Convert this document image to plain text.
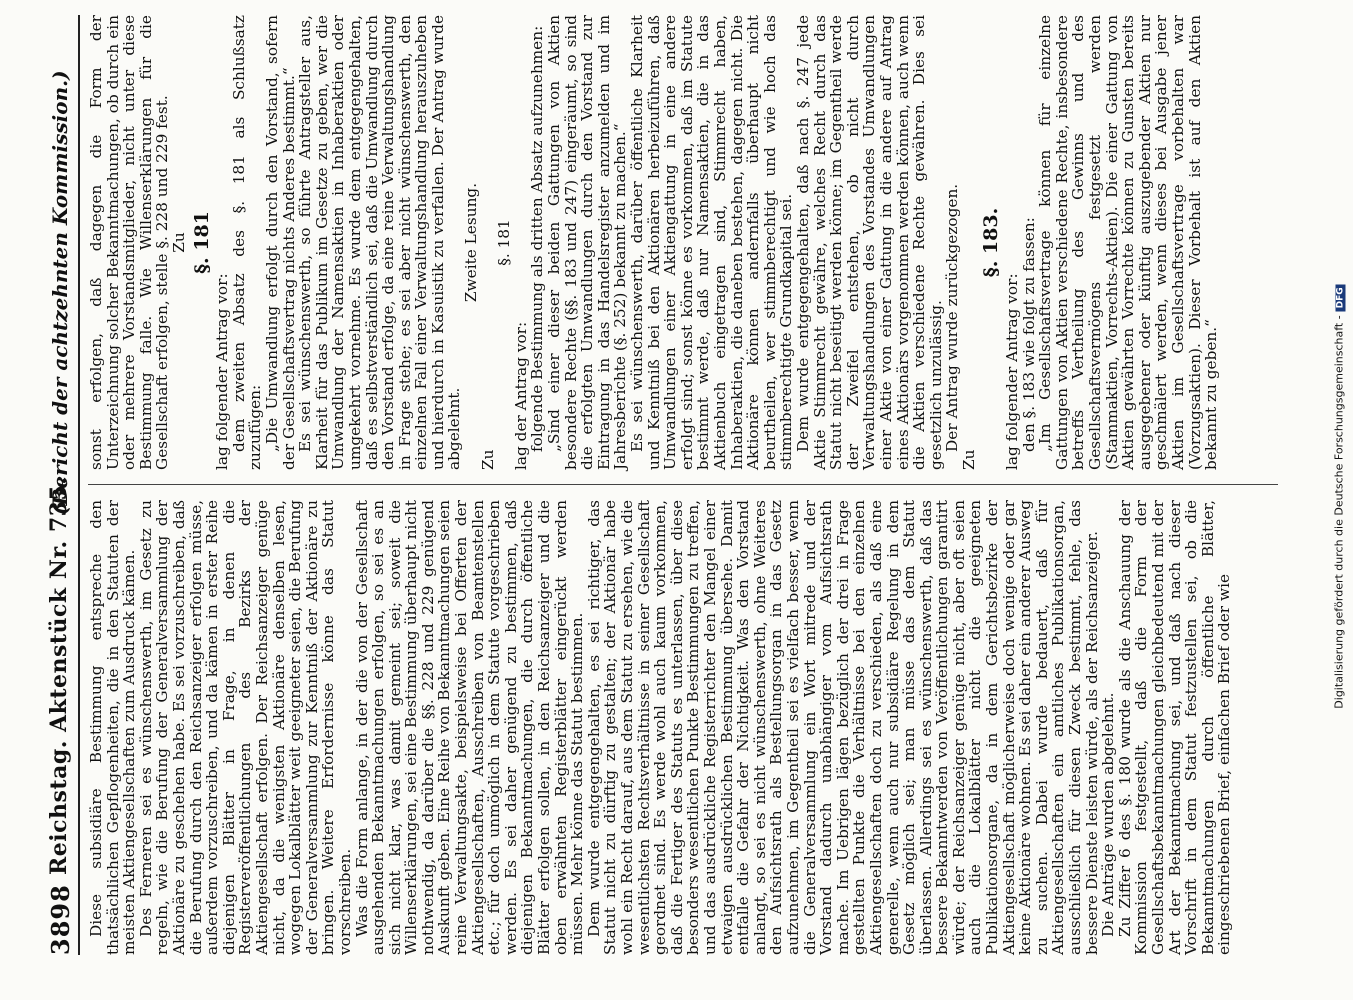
3898
Reichstag. Aktenstück Nr. 735.
(Bericht der achtzehnten Kommission.)

Diese subsidiäre Bestimmung entspreche den thatsächlichen Gepflogenheiten, die in den Statuten der meisten Aktiengesellschaften zum Ausdruck kämen.

Des Ferneren sei es wünschenswerth, im Gesetz zu regeln, wie die Berufung der Generalversammlung der Aktionäre zu geschehen habe. Es sei vorzuschreiben, daß die Berufung durch den Reichsanzeiger erfolgen müsse, außerdem vorzuschreiben, und da kämen in erster Reihe diejenigen Blätter in Frage, in denen die Registerveröffentlichungen des Bezirks der Aktiengesellschaft erfolgen. Der Reichsanzeiger genüge nicht, da die wenigsten Aktionäre denselben lesen, wogegen Lokalblätter weit geeigneter seien, die Berufung der Generalversammlung zur Kenntniß der Aktionäre zu bringen. Weitere Erfordernisse könne das Statut vorschreiben.

Was die Form anlange, in der die von der Gesellschaft ausgehenden Bekanntmachungen erfolgen, so sei es an sich nicht klar, was damit gemeint sei; soweit die Willenserklärungen, sei eine Bestimmung überhaupt nicht nothwendig, da darüber die §§. 228 und 229 genügend Auskunft geben. Eine Reihe von Bekanntmachungen seien reine Verwaltungsakte, beispielsweise bei Offerten der Aktiengesellschaften, Ausschreiben von Beamtenstellen etc.; für doch unmöglich in dem Statute vorgeschrieben werden. Es sei daher genügend zu bestimmen, daß diejenigen Bekanntmachungen, die durch öffentliche Blätter erfolgen sollen, in den Reichsanzeiger und die oben erwähnten Registerblätter eingerückt werden müssen. Mehr könne das Statut bestimmen.

Dem wurde entgegengehalten, es sei richtiger, das Statut nicht zu dürftig zu gestalten; der Aktionär habe wohl ein Recht darauf, aus dem Statut zu ersehen, wie die wesentlichsten Rechtsverhältnisse in seiner Gesellschaft geordnet sind. Es werde wohl auch kaum vorkommen, daß die Fertiger des Statuts es unterlassen, über diese besonders wesentlichen Punkte Bestimmungen zu treffen, und das ausdrückliche Registerrichter den Mangel einer etwaigen ausdrücklichen Bestimmung übersehe. Damit entfalle die Gefahr der Nichtigkeit. Was den Vorstand anlangt, so sei es nicht wünschenswerth, ohne Weiteres den Aufsichtsrath als Bestellungsorgan in das Gesetz aufzunehmen, im Gegentheil sei es vielfach besser, wenn die Generalversammlung ein Wort mitrede und der Vorstand dadurch unabhängiger vom Aufsichtsrath mache. Im Uebrigen lägen bezüglich der drei in Frage gestellten Punkte die Verhältnisse bei den einzelnen Aktiengesellschaften doch zu verschieden, als daß eine generelle, wenn auch nur subsidiäre Regelung in dem Gesetz möglich sei; man müsse das dem Statut überlassen. Allerdings sei es wünschenswerth, daß das bessere Bekanntwerden von Veröffentlichungen garantirt würde; der Reichsanzeiger genüge nicht, aber oft seien auch die Lokalblätter nicht die geeigneten Publikationsorgane, da in dem Gerichtsbezirke der Aktiengesellschaft möglicherweise doch wenige oder gar keine Aktionäre wohnen. Es sei daher ein anderer Ausweg zu suchen. Dabei wurde bedauert, daß für Aktiengesellschaften ein amtliches Publikationsorgan, ausschließlich für diesen Zweck bestimmt, fehle, das bessere Dienste leisten würde, als der Reichsanzeiger.

Die Anträge wurden abgelehnt.

Zu Ziffer 6 des §. 180 wurde als die Anschauung der Kommission festgestellt, daß die Form der Gesellschaftsbekanntmachungen gleichbedeutend mit der Art der Bekanntmachung sei, und daß nach dieser Vorschrift in dem Statut festzustellen sei, ob die Bekanntmachungen durch öffentliche Blätter, eingeschriebenen Brief, einfachen Brief oder wie

sonst erfolgen, daß dagegen die Form der Unterzeichnung solcher Bekanntmachungen, ob durch ein oder mehrere Vorstandsmitglieder, nicht unter diese Bestimmung falle. Wie Willenserklärungen für die Gesellschaft erfolgen, stelle §. 228 und 229 fest.

Zu §. 181

lag folgender Antrag vor:

dem zweiten Absatz des §. 181 als Schlußsatz zuzufügen:

„Die Umwandlung erfolgt durch den Vorstand, sofern der Gesellschaftsvertrag nichts Anderes bestimmt.“

Es sei wünschenswerth, so führte Antragsteller aus, Klarheit für das Publikum im Gesetze zu geben, wer die Umwandlung der Namensaktien in Inhaberaktien oder umgekehrt vornehme. Es wurde dem entgegengehalten, daß es selbstverständlich sei, daß die Umwandlung durch den Vorstand erfolge, da eine reine Verwaltungshandlung in Frage stehe; es sei aber nicht wünschenswerth, den einzelnen Fall einer Verwaltungshandlung herauszuheben und hierdurch in Kasuistik zu verfallen. Der Antrag wurde abgelehnt.

Zweite Lesung.

Zu

§. 181

lag der Antrag vor:

folgende Bestimmung als dritten Absatz aufzunehmen:

„Sind einer dieser beiden Gattungen von Aktien besondere Rechte (§§. 183 und 247) eingeräumt, so sind die erfolgten Umwandlungen durch den Vorstand zur Eintragung in das Handelsregister anzumelden und im Jahresberichte (§. 252) bekannt zu machen.“

Es sei wünschenswerth, darüber öffentliche Klarheit und Kenntniß bei den Aktionären herbeizuführen, daß Umwandlungen einer Aktiengattung in eine andere erfolgt sind; sonst könne es vorkommen, daß im Statute bestimmt werde, daß nur Namensaktien, die in das Aktienbuch eingetragen sind, Stimmrecht haben, Inhaberaktien, die daneben bestehen, dagegen nicht. Die Aktionäre können andernfalls überhaupt nicht beurtheilen, wer stimmberechtigt und wie hoch das stimmberechtigte Grundkapital sei.

Dem wurde entgegengehalten, daß nach §. 247 jede Aktie Stimmrecht gewähre, welches Recht durch das Statut nicht beseitigt werden könne; im Gegentheil werde der Zweifel entstehen, ob nicht durch Verwaltungshandlungen des Vorstandes Umwandlungen einer Aktie von einer Gattung in die andere auf Antrag eines Aktionärs vorgenommen werden können, auch wenn die Aktien verschiedene Rechte gewähren. Dies sei gesetzlich unzulässig.

Der Antrag wurde zurückgezogen.

Zu

§. 183.

lag folgender Antrag vor:

den §. 183 wie folgt zu fassen:

„Im Gesellschaftsvertrage können für einzelne Gattungen von Aktien verschiedene Rechte, insbesondere betreffs Vertheilung des Gewinns und des Gesellschaftsvermögens festgesetzt werden (Stammaktien, Vorrechts-Aktien). Die einer Gattung von Aktien gewährten Vorrechte können zu Gunsten bereits ausgegebener oder künftig auszugebender Aktien nur geschmälert werden, wenn dieses bei Ausgabe jener Aktien im Gesellschaftsvertrage vorbehalten war (Vorzugsaktien). Dieser Vorbehalt ist auf den Aktien bekannt zu geben.“	Digitalisierung gefördert durch die Deutsche Forschungsgemeinschaft -DFG
